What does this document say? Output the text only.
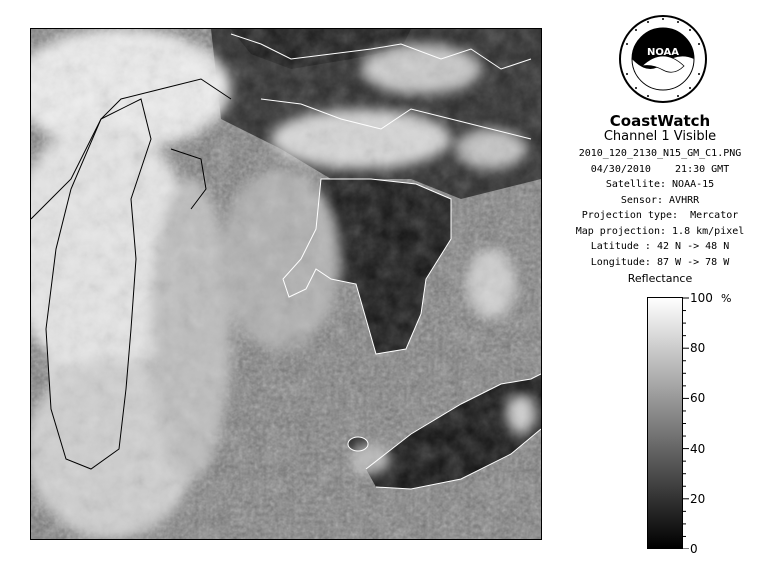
NOAA
CoastWatch
Channel 1 Visible
2010_120_2130_N15_GM_C1.PNG
04/30/2010    21:30 GMT
Satellite: NOAA-15
Sensor: AVHRR
Projection type:  Mercator
Map projection: 1.8 km/pixel
Latitude : 42 N -> 48 N
Longitude: 87 W -> 78 W
Reflectance
%
100
80
60
40
20
0
